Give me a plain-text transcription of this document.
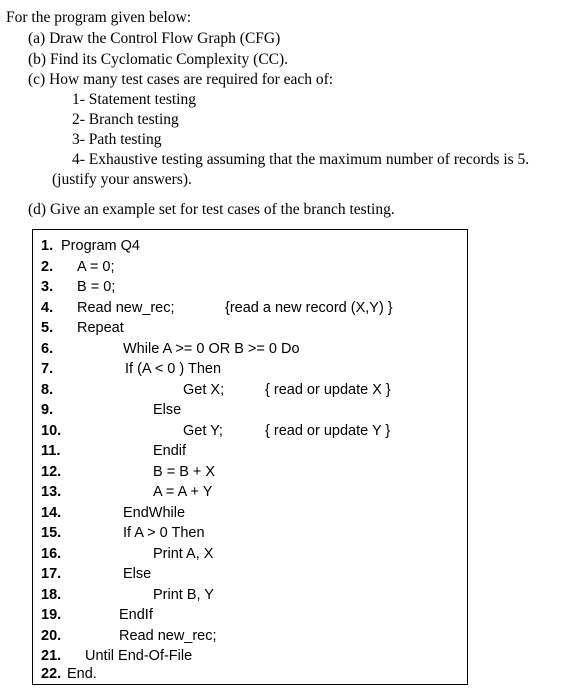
For the program given below:
(a) Draw the Control Flow Graph (CFG)
(b) Find its Cyclomatic Complexity (CC).
(c) How many test cases are required for each of:
1- Statement testing
2- Branch testing
3- Path testing
4- Exhaustive testing assuming that the maximum number of records is 5.
(justify your answers).
(d) Give an example set for test cases of the branch testing.
1. Program Q4
2. A = 0;
3. B = 0;
4. Read new_rec;	{read a new record (X,Y) }
5. Repeat
6.	While A >= 0 OR B >= 0 Do
7.	If (A < 0 ) Then
8.	Get X;	{ read or update X }
9.	Else
10.	Get Y;	{ read or update Y }
11.	Endif
12.	B = B + X
13.	A = A + Y
14.	EndWhile
15.	If A > 0 Then
16.	Print A, X
17.	Else
18.	Print B, Y
19.	EndIf
20.	Read new_rec;
21. Until End-Of-File
22. End.
